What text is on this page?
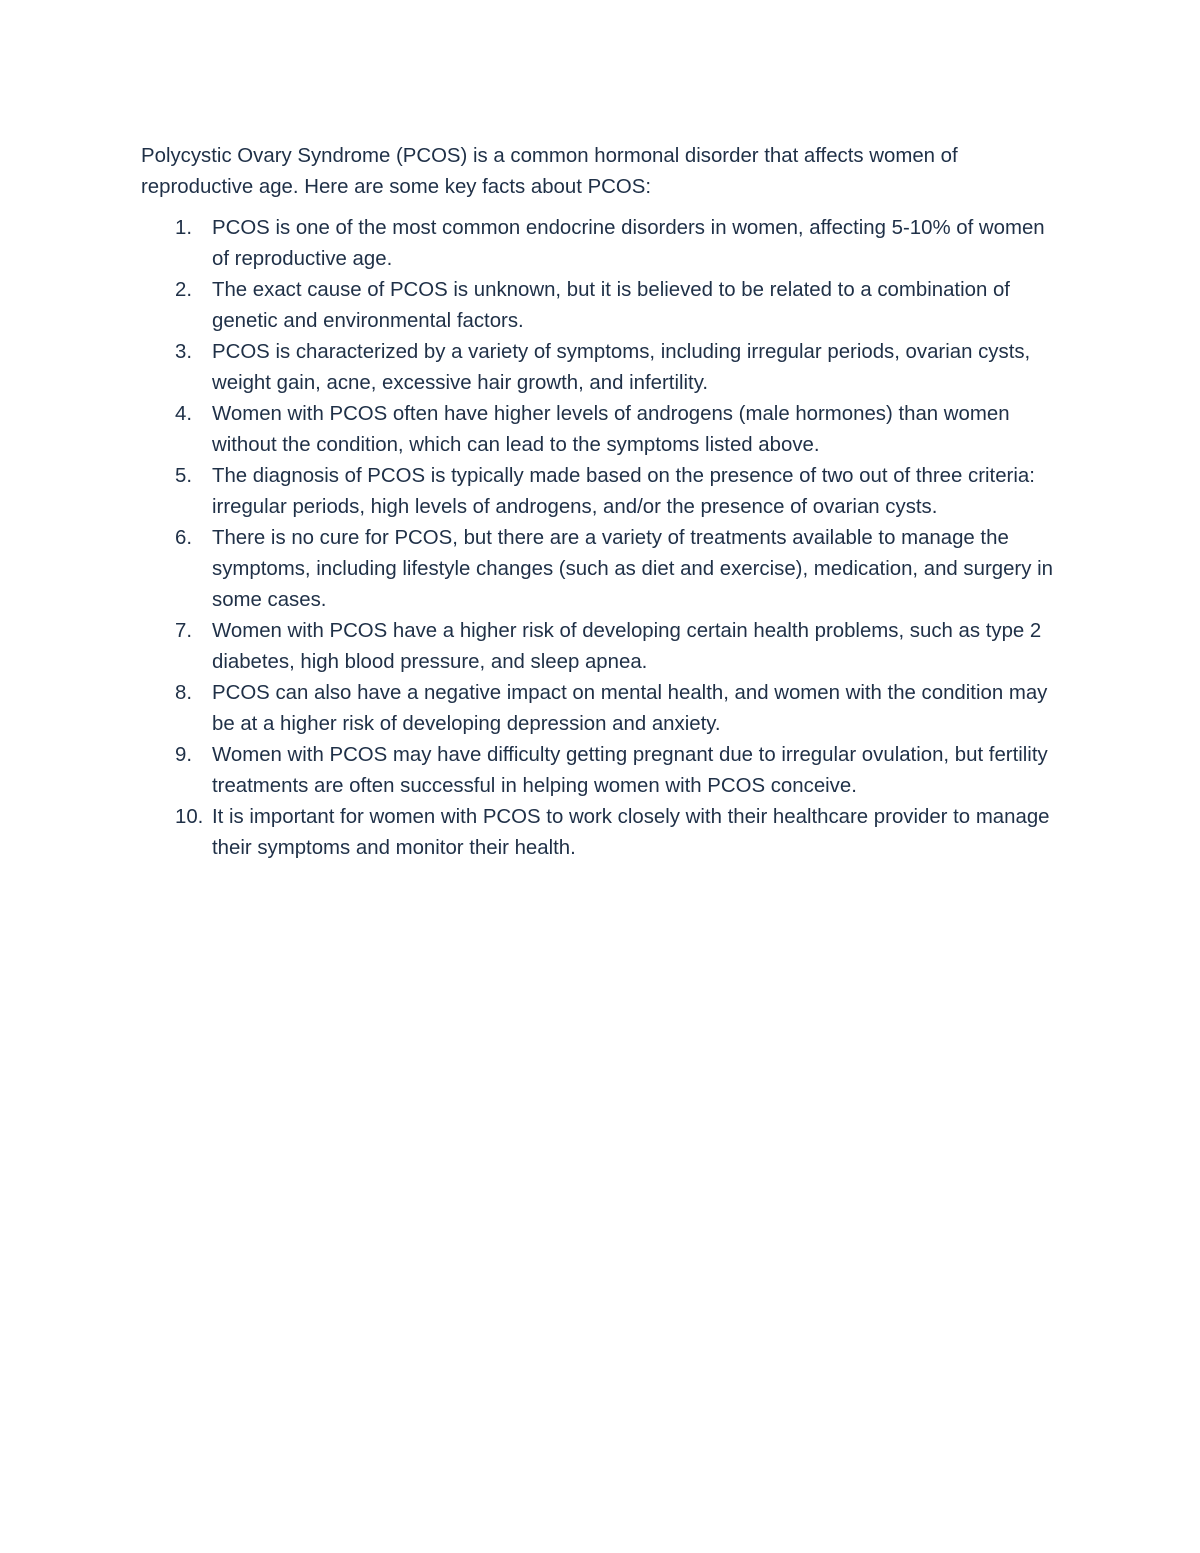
Polycystic Ovary Syndrome (PCOS) is a common hormonal disorder that affects women of reproductive age. Here are some key facts about PCOS:

1. PCOS is one of the most common endocrine disorders in women, affecting 5-10% of women of reproductive age.
2. The exact cause of PCOS is unknown, but it is believed to be related to a combination of genetic and environmental factors.
3. PCOS is characterized by a variety of symptoms, including irregular periods, ovarian cysts, weight gain, acne, excessive hair growth, and infertility.
4. Women with PCOS often have higher levels of androgens (male hormones) than women without the condition, which can lead to the symptoms listed above.
5. The diagnosis of PCOS is typically made based on the presence of two out of three criteria: irregular periods, high levels of androgens, and/or the presence of ovarian cysts.
6. There is no cure for PCOS, but there are a variety of treatments available to manage the symptoms, including lifestyle changes (such as diet and exercise), medication, and surgery in some cases.
7. Women with PCOS have a higher risk of developing certain health problems, such as type 2 diabetes, high blood pressure, and sleep apnea.
8. PCOS can also have a negative impact on mental health, and women with the condition may be at a higher risk of developing depression and anxiety.
9. Women with PCOS may have difficulty getting pregnant due to irregular ovulation, but fertility treatments are often successful in helping women with PCOS conceive.
10. It is important for women with PCOS to work closely with their healthcare provider to manage their symptoms and monitor their health.
